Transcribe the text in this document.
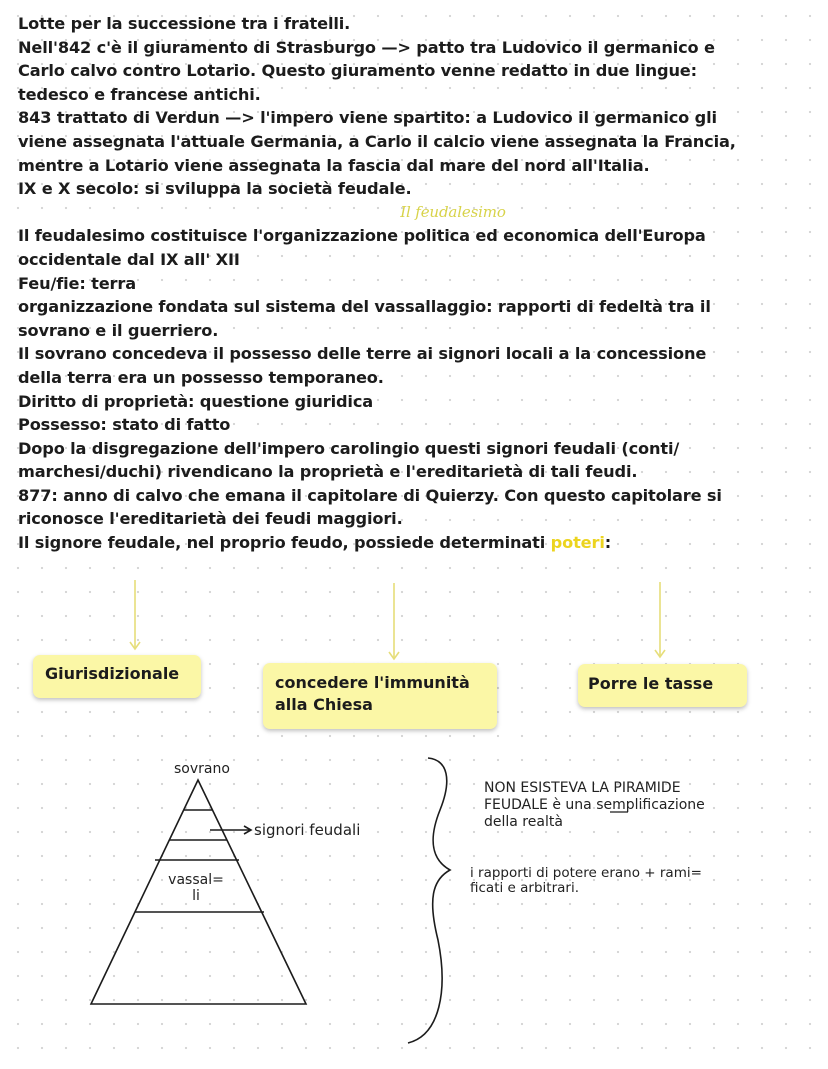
Lotte per la successione tra i fratelli.
Nell'842 c'è il giuramento di Strasburgo —> patto tra Ludovico il germanico e
Carlo calvo contro Lotario. Questo giuramento venne redatto in due lingue:
tedesco e francese antichi.
843 trattato di Verdun —> l'impero viene spartito: a Ludovico il germanico gli
viene assegnata l'attuale Germania, a Carlo il calcio viene assegnata la Francia,
mentre a Lotario viene assegnata la fascia dal mare del nord all'Italia.
IX e X secolo: si sviluppa la società feudale.
Il feudalesimo
Il feudalesimo costituisce l'organizzazione politica ed economica dell'Europa
occidentale dal IX all' XII
Feu/fie: terra
organizzazione fondata sul sistema del vassallaggio: rapporti di fedeltà tra il
sovrano e il guerriero.
Il sovrano concedeva il possesso delle terre ai signori locali a la concessione
della terra era un possesso temporaneo.
Diritto di proprietà: questione giuridica
Possesso: stato di fatto
Dopo la disgregazione dell'impero carolingio questi signori feudali (conti/
marchesi/duchi) rivendicano la proprietà e l'ereditarietà di tali feudi.
877: anno di calvo che emana il capitolare di Quierzy. Con questo capitolare si
riconosce l'ereditarietà dei feudi maggiori.
Il signore feudale, nel proprio feudo, possiede determinati poteri:
Giurisdizionale	concedere l'immunità
alla Chiesa
Porre le tasse
sovrano
signori feudali
vassal=
li
NON ESISTEVA LA PIRAMIDE
FEUDALE è una semplificazione
della realtà
i rapporti di potere erano + rami=
ficati e arbitrari.
